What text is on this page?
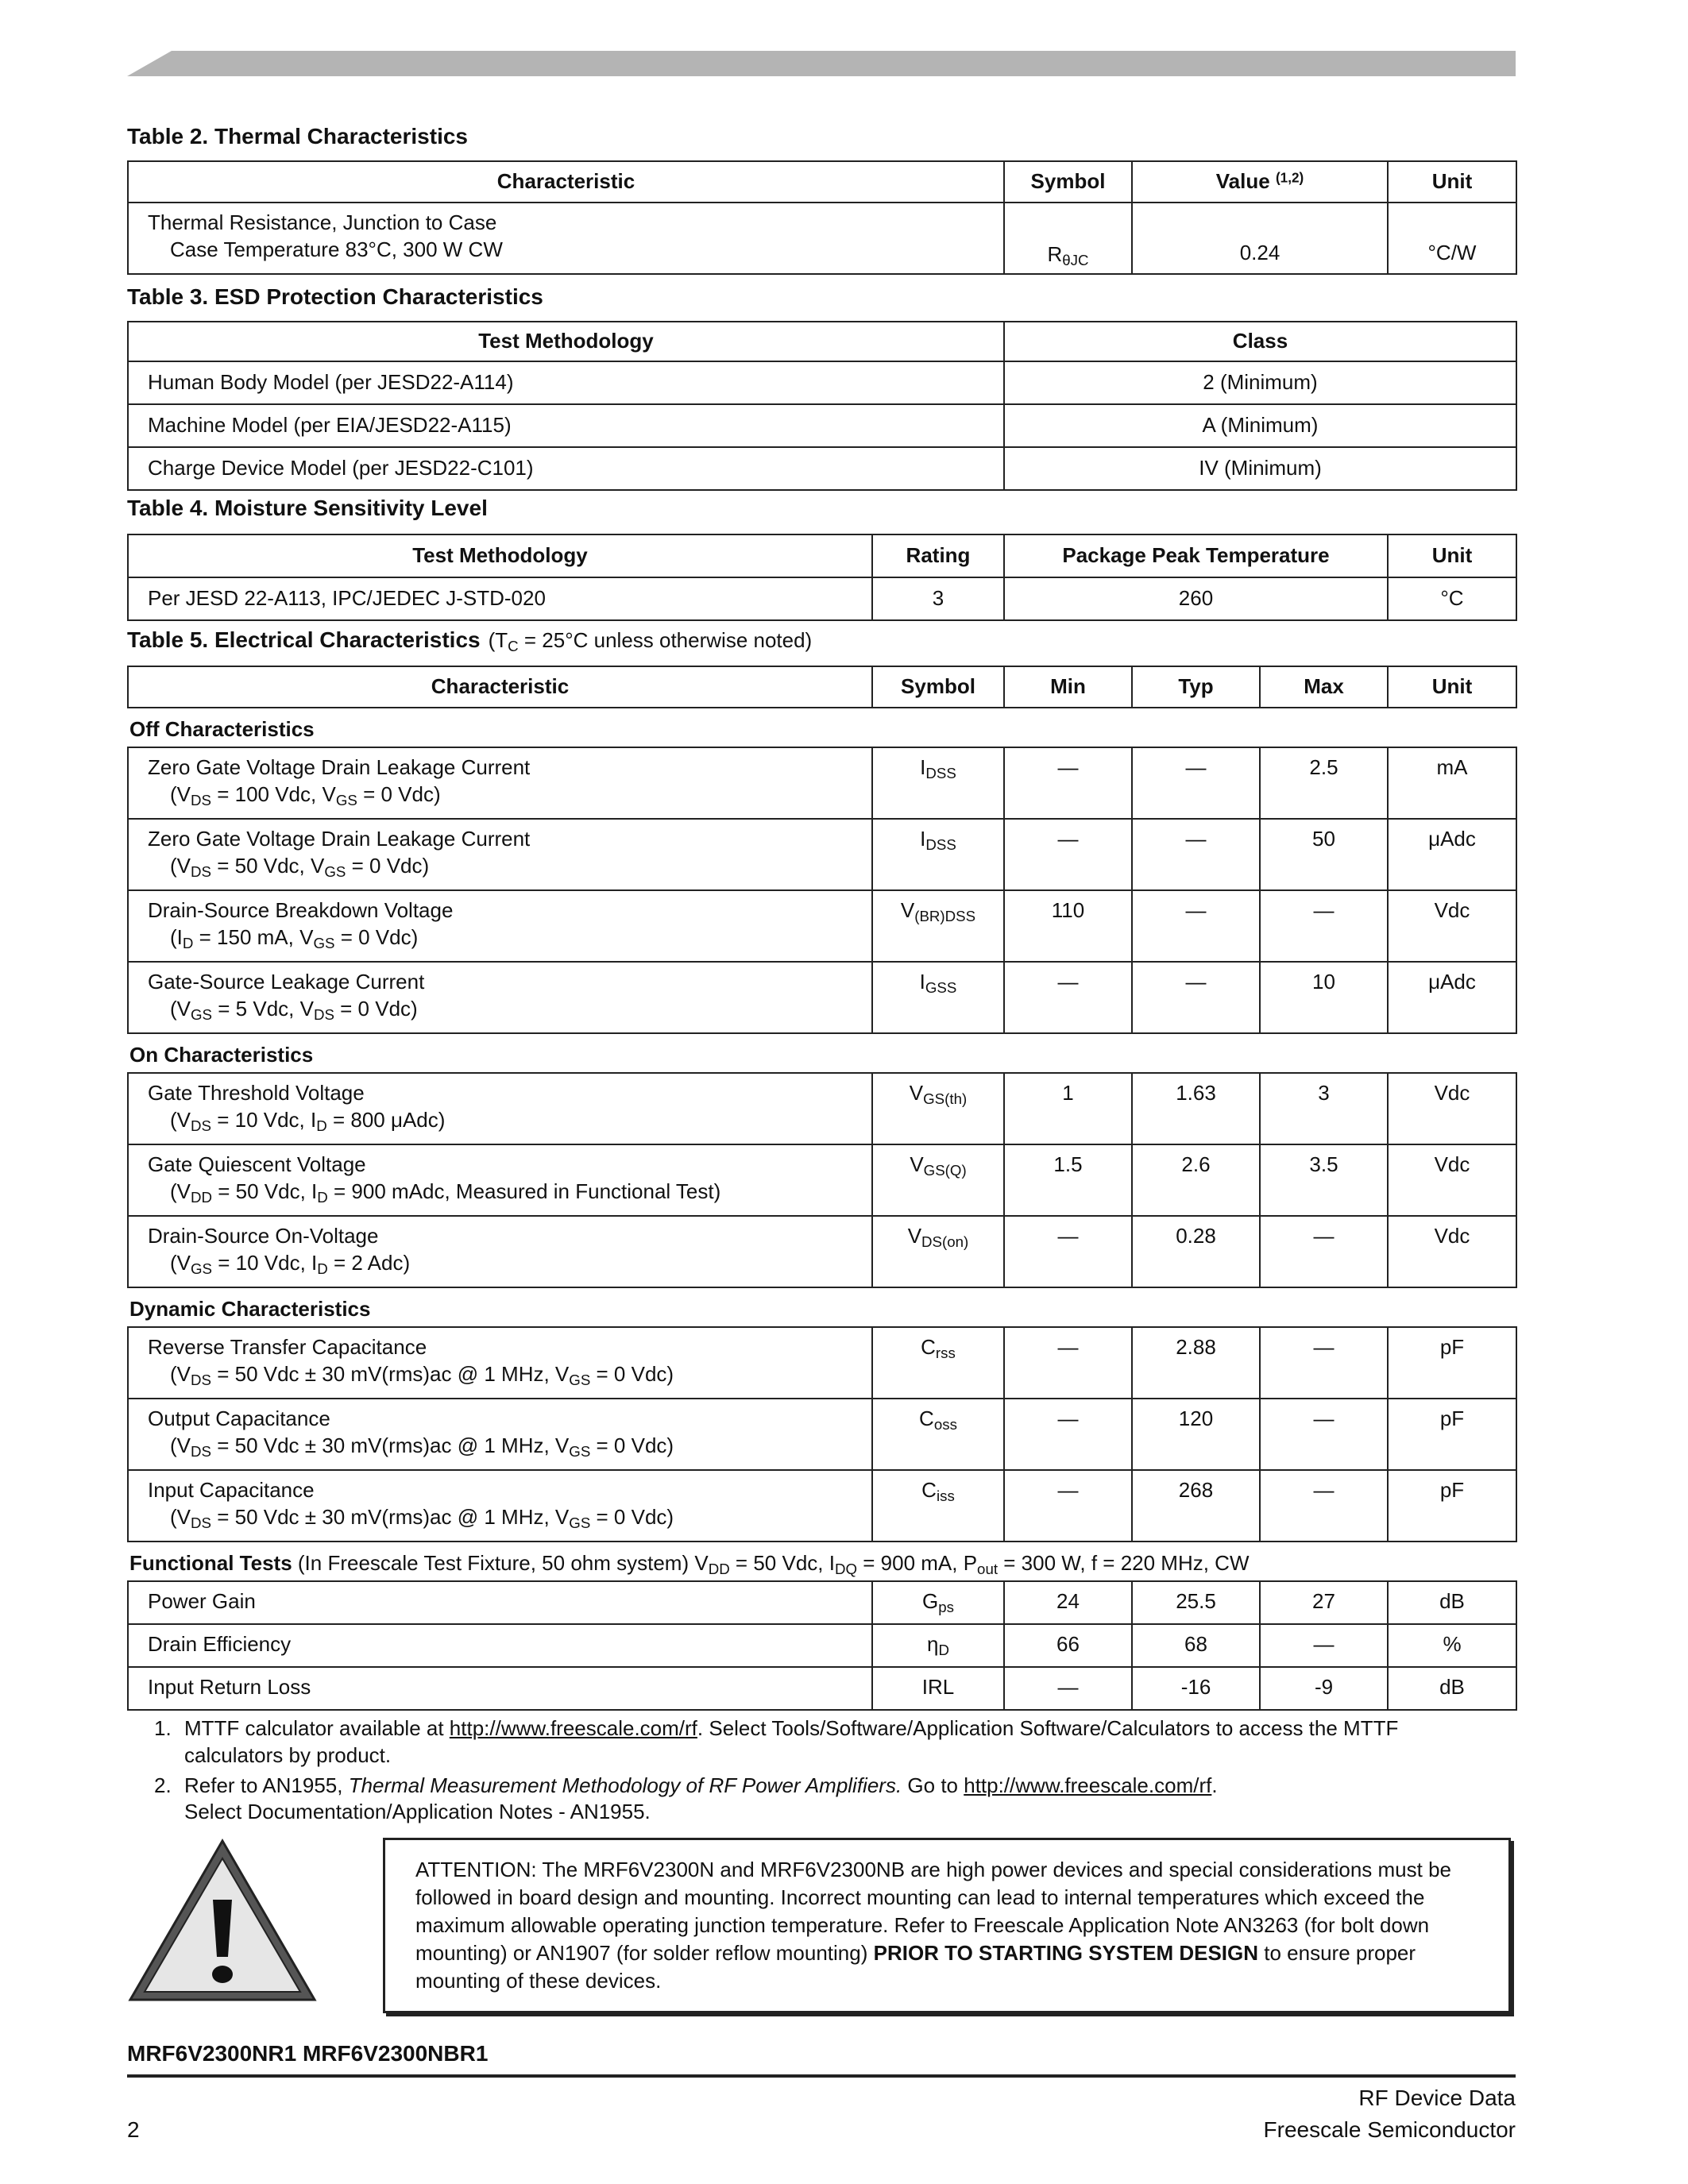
Table 2. Thermal Characteristics
Characteristic	Symbol	Value $^{(1,2)}$	Unit

Thermal Resistance, Junction to Case
Case Temperature 83°C, 300 W CW	$R_{\theta JC}$	0.24	°C/W
Table 3. ESD Protection Characteristics
Test Methodology	Class
Human Body Model (per JESD22-A114)	2 (Minimum)
Machine Model (per EIA/JESD22-A115)	A (Minimum)
Charge Device Model (per JESD22-C101)	IV (Minimum)
Table 4. Moisture Sensitivity Level
Test Methodology	Rating	Package Peak Temperature	Unit
Per JESD 22-A113, IPC/JEDEC J-STD-020	3	260	°C
Table 5. Electrical Characteristics ($T_C = 25^\circ C$ unless otherwise noted)
Characteristic	Symbol	Min	Typ	Max	Unit
Off Characteristics					

Zero Gate Voltage Drain Leakage Current
($V_{DS} = 100$ Vdc, $V_{GS} = 0$ Vdc)	$I_{DSS}$	—	—	2.5	mA

Zero Gate Voltage Drain Leakage Current
($V_{DS} = 50$ Vdc, $V_{GS} = 0$ Vdc)	$I_{DSS}$	—	—	50	μAdc

Drain-Source Breakdown Voltage
($I_D = 150$ mA, $V_{GS} = 0$ Vdc)	$V_{(BR)DSS}$	110	—	—	Vdc

Gate-Source Leakage Current
($V_{GS} = 5$ Vdc, $V_{DS} = 0$ Vdc)	$I_{GSS}$	—	—	10	μAdc
On Characteristics					

Gate Threshold Voltage
($V_{DS} = 10$ Vdc, $I_D = 800$ μAdc)	$V_{GS(th)}$	1	1.63	3	Vdc

Gate Quiescent Voltage
($V_{DD} = 50$ Vdc, $I_D = 900$ mAdc, Measured in Functional Test)	$V_{GS(Q)}$	1.5	2.6	3.5	Vdc

Drain-Source On-Voltage
($V_{GS} = 10$ Vdc, $I_D = 2$ Adc)	$V_{DS(on)}$	—	0.28	—	Vdc
Dynamic Characteristics					

Reverse Transfer Capacitance
($V_{DS} = 50$ Vdc ± 30 mV(rms)ac @ 1 MHz, $V_{GS} = 0$ Vdc)	$C_{rss}$	—	2.88	—	pF

Output Capacitance
($V_{DS} = 50$ Vdc ± 30 mV(rms)ac @ 1 MHz, $V_{GS} = 0$ Vdc)	$C_{oss}$	—	120	—	pF

Input Capacitance
($V_{DS} = 50$ Vdc ± 30 mV(rms)ac @ 1 MHz, $V_{GS} = 0$ Vdc)	$C_{iss}$	—	268	—	pF
Functional Tests (In Freescale Test Fixture, 50 ohm system) $V_{DD} = 50$ Vdc, $I_{DQ} = 900$ mA, $P_{out} = 300$ W, f = 220 MHz, CW					
Power Gain	$G_{ps}$	24	25.5	27	dB
Drain Efficiency	$\eta_D$	66	68	—	%
Input Return Loss	IRL	—	-16	-9	dB
1. MTTF calculator available at http://www.freescale.com/rf. Select Tools/Software/Application Software/Calculators to access the MTTF
calculators by product.
2. Refer to AN1955, Thermal Measurement Methodology of RF Power Amplifiers. Go to http://www.freescale.com/rf.
Select Documentation/Application Notes - AN1955.
ATTENTION: The MRF6V2300N and MRF6V2300NB are high power devices and special considerations must be followed in board design and mounting. Incorrect mounting can lead to internal temperatures which exceed the maximum allowable operating junction temperature. Refer to Freescale Application Note AN3263 (for bolt down mounting) or AN1907 (for solder reflow mounting) PRIOR TO STARTING SYSTEM DESIGN to ensure proper mounting of these devices.
MRF6V2300NR1 MRF6V2300NBR1
RF Device Data
2	Freescale Semiconductor
